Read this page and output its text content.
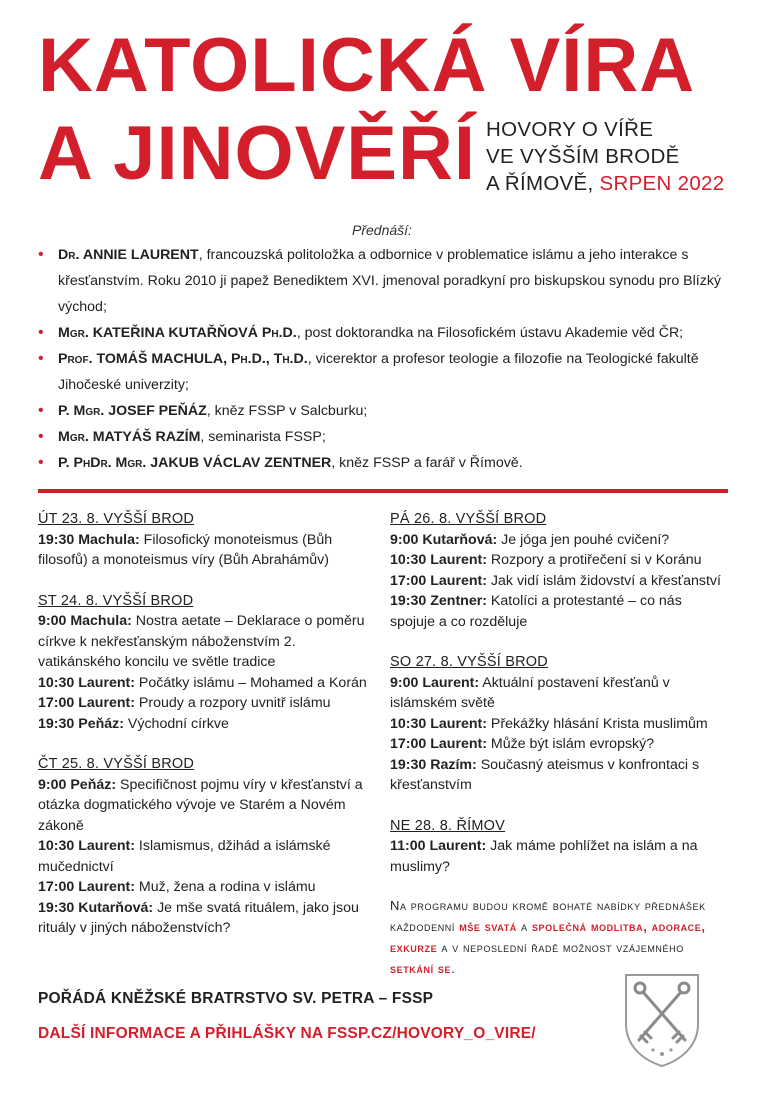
KATOLICKÁ VÍRA
A JINOVĚŘÍ HOVORY O VÍŘE
VE VYŠŠÍM BRODĚ
A ŘÍMOVĚ, SRPEN 2022
Přednáší:
• Dr. ANNIE LAURENT, francouzská politoložka a odbornice v problematice islámu a jeho interakce s křesťanstvím. Roku 2010 ji papež Benediktem XVI. jmenoval poradkyní pro biskupskou synodu pro Blízký východ;
• Mgr. KATEŘINA KUTAŘŇOVÁ Ph.D., post doktorandka na Filosofickém ústavu Akademie věd ČR;
• Prof. TOMÁŠ MACHULA, Ph.D., Th.D., vicerektor a profesor teologie a filozofie na Teologické fakultě Jihočeské univerzity;
• P. Mgr. JOSEF PEŇÁZ, kněz FSSP v Salcburku;
• Mgr. MATYÁŠ RAZÍM, seminarista FSSP;
• P. PhDr. Mgr. JAKUB VÁCLAV ZENTNER, kněz FSSP a farář v Římově.
ÚT 23. 8. VYŠŠÍ BROD
19:30 Machula: Filosofický monoteismus (Bůh filosofů) a monoteismus víry (Bůh Abrahámův)
ST 24. 8. VYŠŠÍ BROD
9:00 Machula: Nostra aetate – Deklarace o poměru církve k nekřesťanským náboženstvím 2. vatikánského koncilu ve světle tradice
10:30 Laurent: Počátky islámu – Mohamed a Korán
17:00 Laurent: Proudy a rozpory uvnitř islámu
19:30 Peňáz: Východní církve
ČT 25. 8. VYŠŠÍ BROD
9:00 Peňáz: Specifičnost pojmu víry v křesťanství a otázka dogmatického vývoje ve Starém a Novém zákoně
10:30 Laurent: Islamismus, džihád a islámské mučednictví
17:00 Laurent: Muž, žena a rodina v islámu
19:30 Kutarňová: Je mše svatá rituálem, jako jsou rituály v jiných náboženstvích?
PÁ 26. 8. VYŠŠÍ BROD
9:00 Kutarňová: Je jóga jen pouhé cvičení?
10:30 Laurent: Rozpory a protiřečení si v Koránu
17:00 Laurent: Jak vidí islám židovství a křesťanství
19:30 Zentner: Katolíci a protestanté – co nás spojuje a co rozděluje
SO 27. 8. VYŠŠÍ BROD
9:00 Laurent: Aktuální postavení křesťanů v islámském světě
10:30 Laurent: Překážky hlásání Krista muslimům
17:00 Laurent: Může být islám evropský?
19:30 Razím: Současný ateismus v konfrontaci s křesťanstvím
NE 28. 8. ŘÍMOV
11:00 Laurent: Jak máme pohlížet na islám a na muslimy?
Na programu budou kromě bohaté nabídky přednášek každodenní mše svatá a společná modlitba, adorace, exkurze a v neposlední řadě možnost vzájemného setkání se.
POŘÁDÁ KNĚŽSKÉ BRATRSTVO SV. PETRA – FSSP
DALŠÍ INFORMACE A PŘIHLÁŠKY NA FSSP.CZ/HOVORY_O_VIRE/
